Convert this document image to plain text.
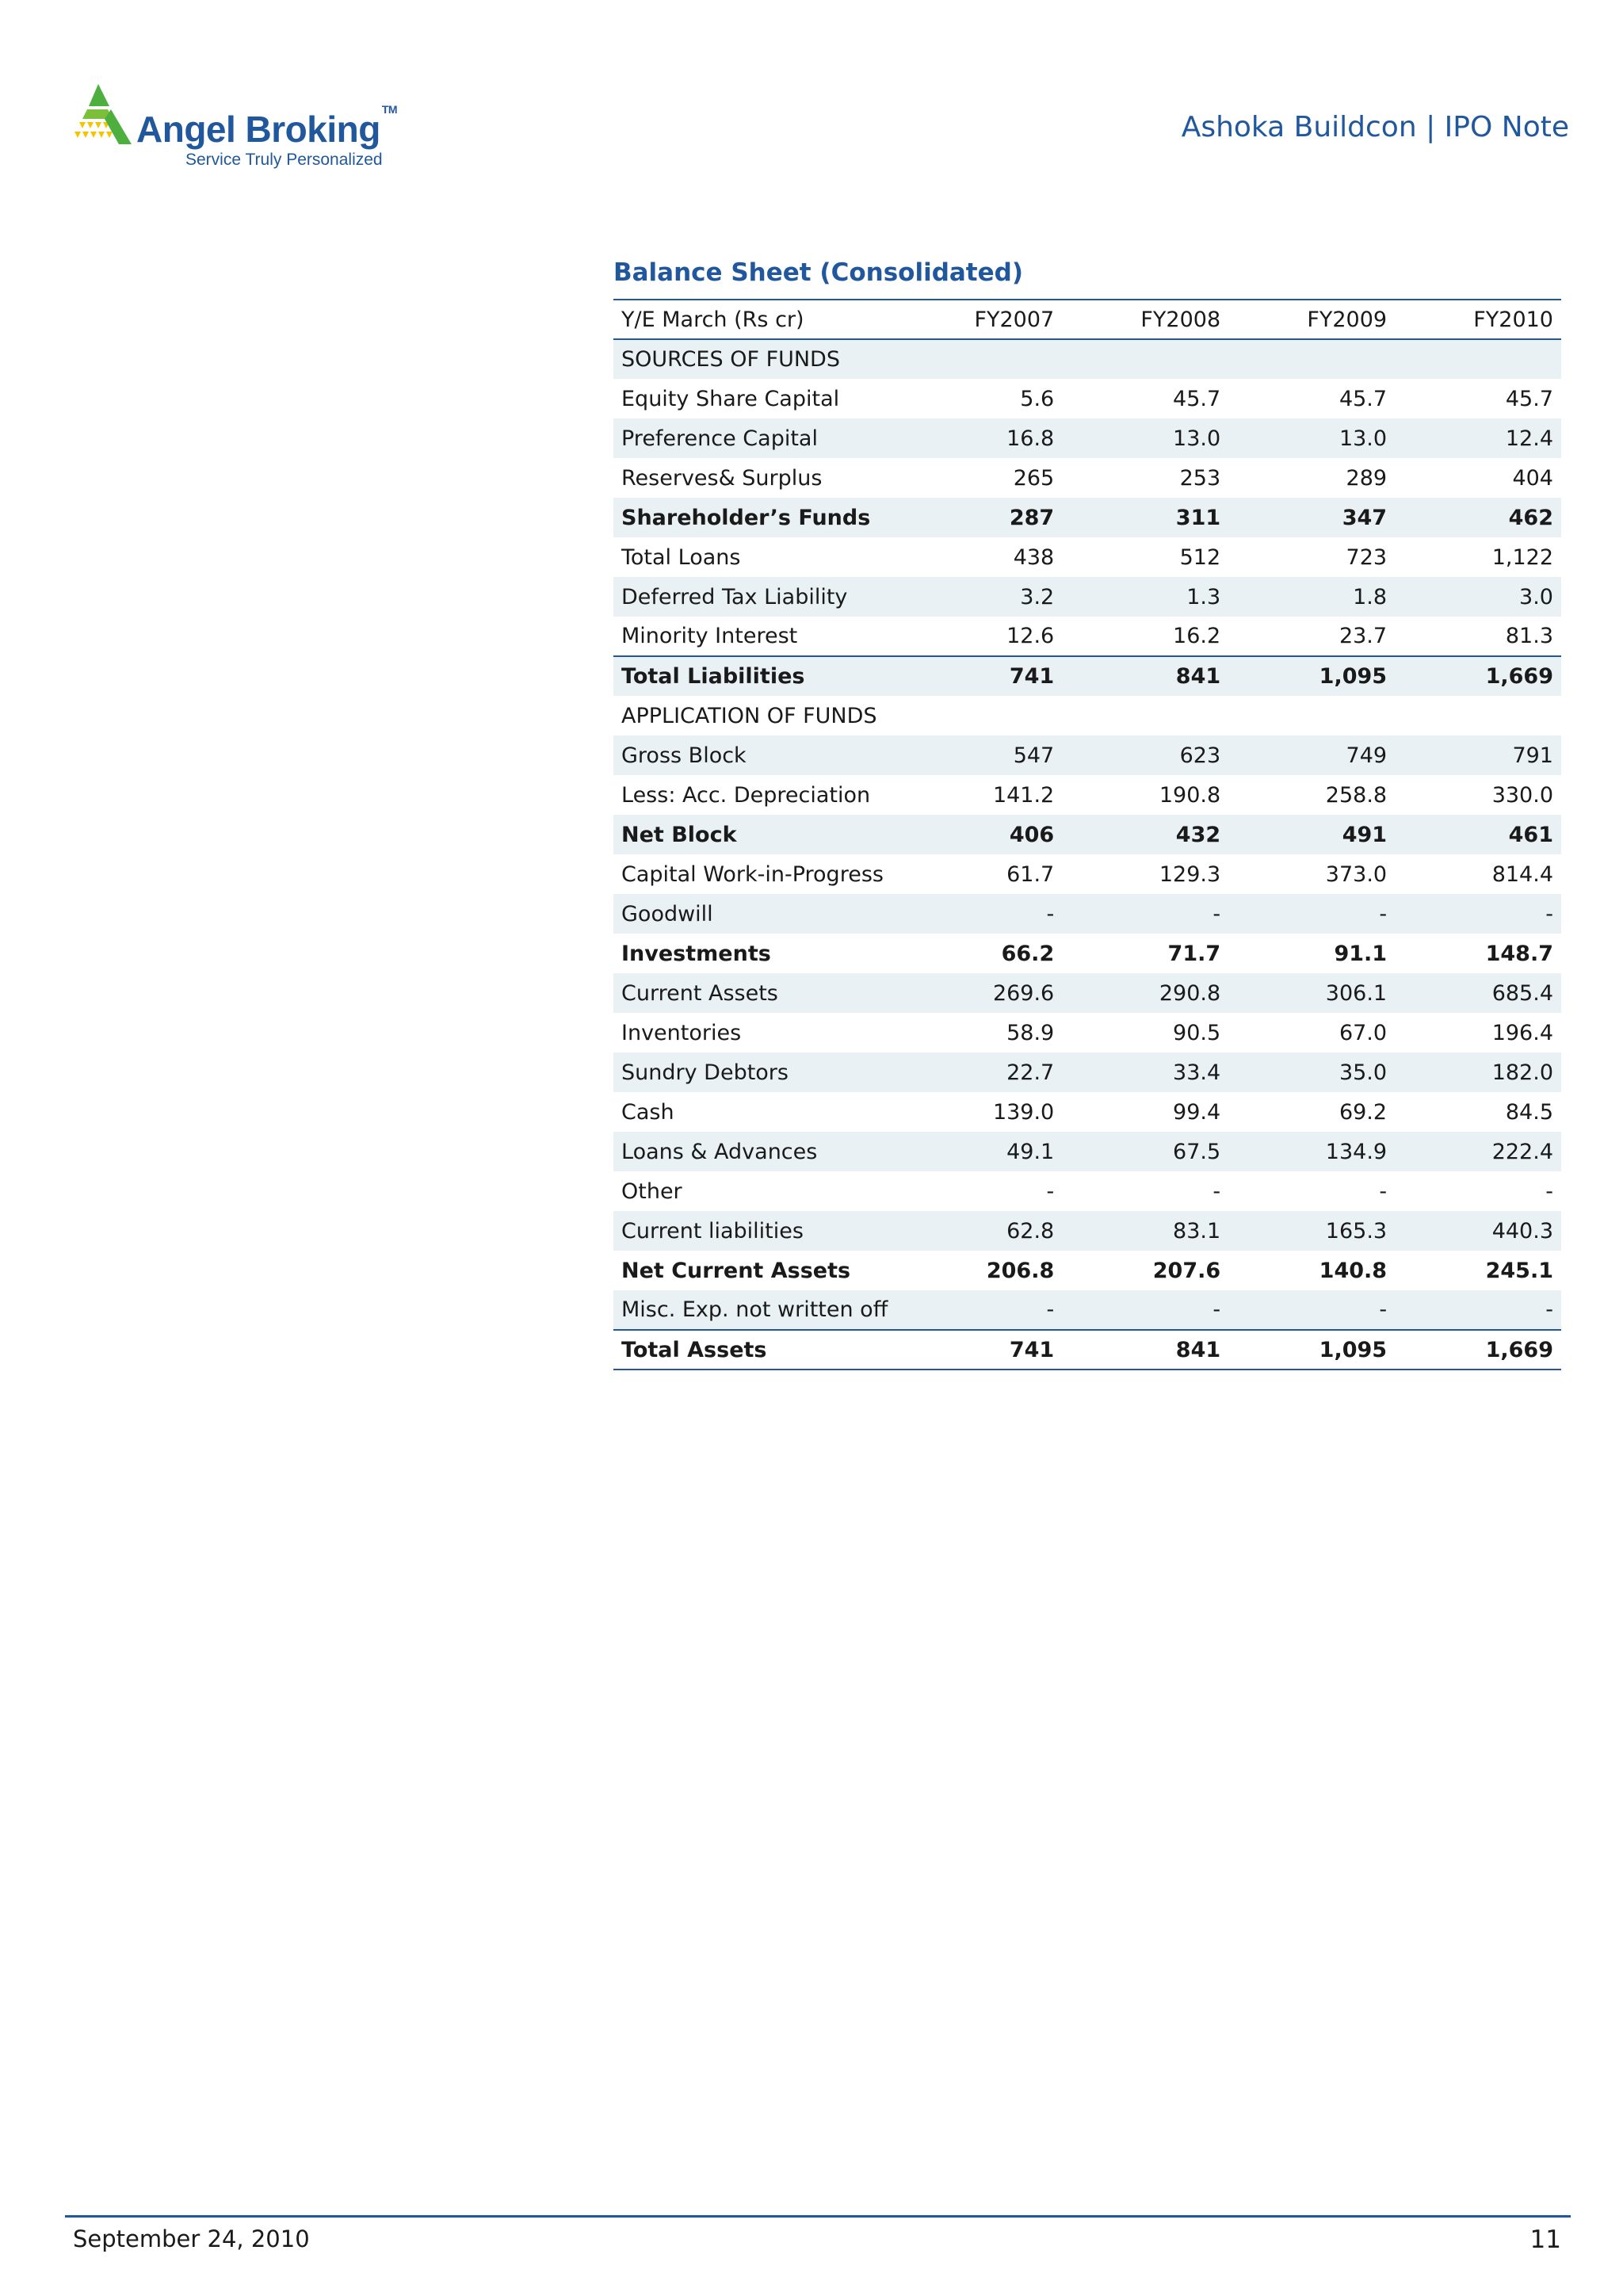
Angel Broking ™
Service Truly Personalized
Ashoka Buildcon | IPO Note
Balance Sheet (Consolidated)
Y/E March (Rs cr)	FY2007	FY2008	FY2009	FY2010
SOURCES OF FUNDS				
Equity Share Capital	5.6	45.7	45.7	45.7
Preference Capital	16.8	13.0	13.0	12.4
Reserves& Surplus	265	253	289	404
Shareholder’s Funds	287	311	347	462
Total Loans	438	512	723	1,122
Deferred Tax Liability	3.2	1.3	1.8	3.0
Minority Interest	12.6	16.2	23.7	81.3
Total Liabilities	741	841	1,095	1,669
APPLICATION OF FUNDS				
Gross Block	547	623	749	791
Less: Acc. Depreciation	141.2	190.8	258.8	330.0
Net Block	406	432	491	461
Capital Work-in-Progress	61.7	129.3	373.0	814.4
Goodwill	-	-	-	-
Investments	66.2	71.7	91.1	148.7
Current Assets	269.6	290.8	306.1	685.4
Inventories	58.9	90.5	67.0	196.4
Sundry Debtors	22.7	33.4	35.0	182.0
Cash	139.0	99.4	69.2	84.5
Loans & Advances	49.1	67.5	134.9	222.4
Other	-	-	-	-
Current liabilities	62.8	83.1	165.3	440.3
Net Current Assets	206.8	207.6	140.8	245.1
Misc. Exp. not written off	-	-	-	-
Total Assets	741	841	1,095	1,669
September 24, 2010	11
